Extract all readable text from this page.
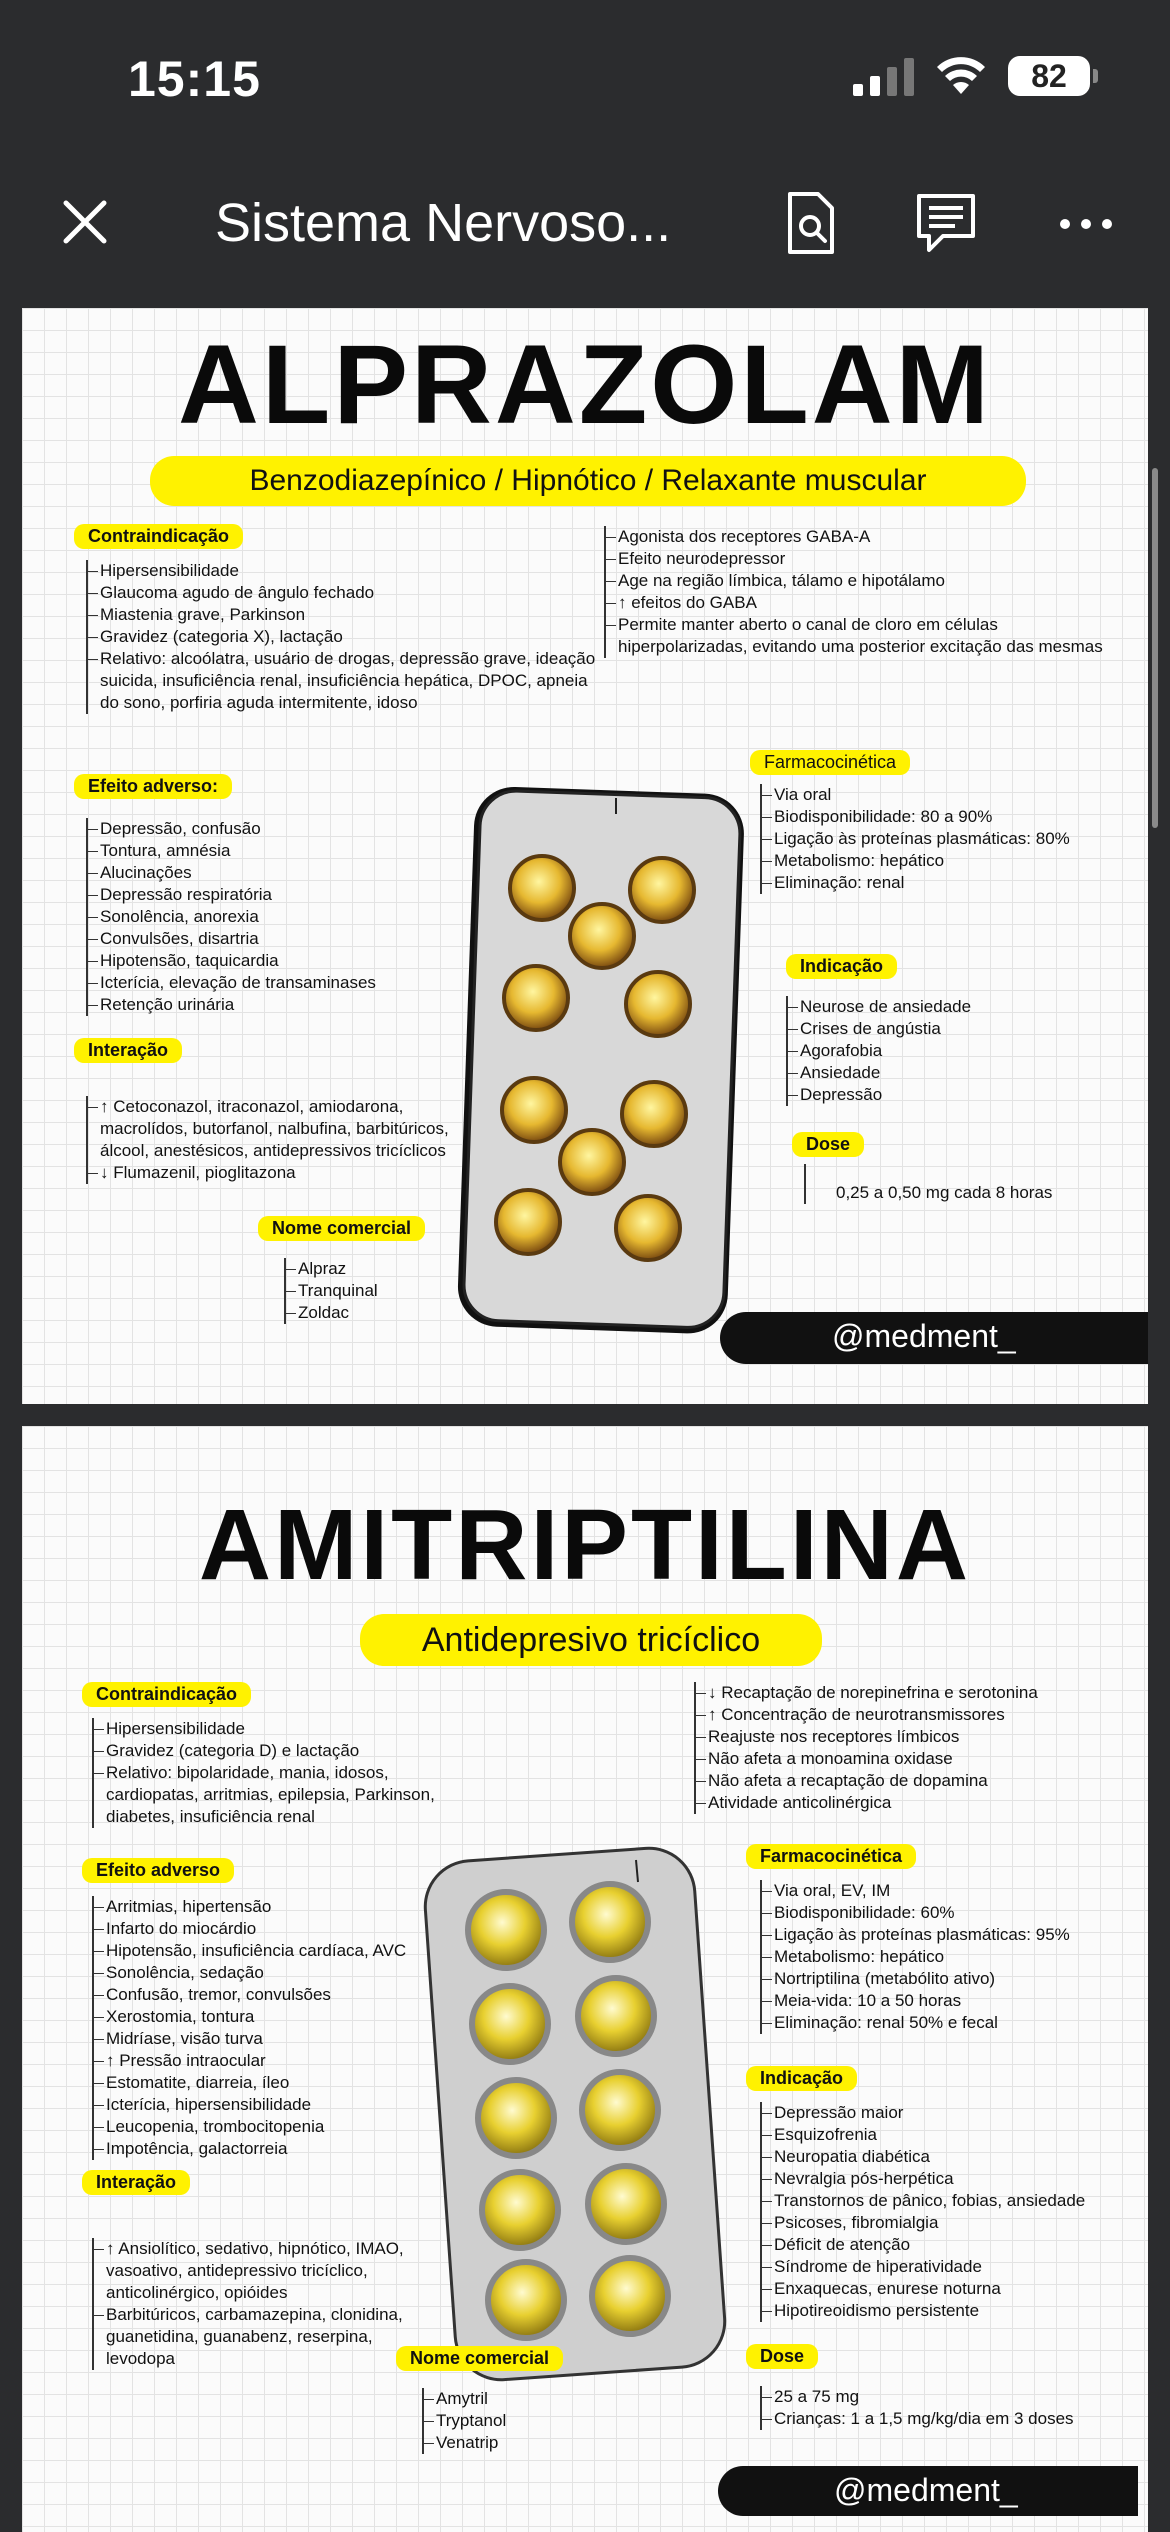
15:15	82
Sistema Nervoso...
ALPRAZOLAM
Benzodiazepínico / Hipnótico / Relaxante muscular
Contraindicação
Hipersensibilidade
Glaucoma agudo de ângulo fechado
Miastenia grave, Parkinson
Gravidez (categoria X), lactação
Relativo: alcoólatra, usuário de drogas, depressão grave, ideação suicida, insuficiência renal, insuficiência hepática, DPOC, apneia do sono, porfiria aguda intermitente, idoso
Agonista dos receptores GABA-A
Efeito neurodepressor
Age na região límbica, tálamo e hipotálamo
↑ efeitos do GABA
Permite manter aberto o canal de cloro em células hiperpolarizadas, evitando uma posterior excitação das mesmas
Efeito adverso:
Depressão, confusão
Tontura, amnésia
Alucinações
Depressão respiratória
Sonolência, anorexia
Convulsões, disartria
Hipotensão, taquicardia
Icterícia, elevação de transaminases
Retenção urinária
Farmacocinética
Via oral
Biodisponibilidade: 80 a 90%
Ligação às proteínas plasmáticas: 80%
Metabolismo: hepático
Eliminação: renal
Interação
↑ Cetoconazol, itraconazol, amiodarona, macrolídos, butorfanol, nalbufina, barbitúricos, álcool, anestésicos, antidepressivos tricíclicos
↓ Flumazenil, pioglitazona
Indicação
Neurose de ansiedade
Crises de angústia
Agorafobia
Ansiedade
Depressão
Dose
0,25 a 0,50 mg cada 8 horas
Nome comercial
Alpraz
Tranquinal
Zoldac
@medment_
AMITRIPTILINA
Antidepresivo tricíclico
Contraindicação
Hipersensibilidade
Gravidez (categoria D) e lactação
Relativo: bipolaridade, mania, idosos, cardiopatas, arritmias, epilepsia, Parkinson, diabetes, insuficiência renal
↓ Recaptação de norepinefrina e serotonina
↑ Concentração de neurotransmissores
Reajuste nos receptores límbicos
Não afeta a monoamina oxidase
Não afeta a recaptação de dopamina
Atividade anticolinérgica
Efeito adverso
Arritmias, hipertensão
Infarto do miocárdio
Hipotensão, insuficiência cardíaca, AVC
Sonolência, sedação
Confusão, tremor, convulsões
Xerostomia, tontura
Midríase, visão turva
↑ Pressão intraocular
Estomatite, diarreia, íleo
Icterícia, hipersensibilidade
Leucopenia, trombocitopenia
Impotência, galactorreia
Farmacocinética
Via oral, EV, IM
Biodisponibilidade: 60%
Ligação às proteínas plasmáticas: 95%
Metabolismo: hepático
Nortriptilina (metabólito ativo)
Meia-vida: 10 a 50 horas
Eliminação: renal 50% e fecal
Indicação
Depressão maior
Esquizofrenia
Neuropatia diabética
Nevralgia pós-herpética
Transtornos de pânico, fobias, ansiedade
Psicoses, fibromialgia
Déficit de atenção
Síndrome de hiperatividade
Enxaquecas, enurese noturna
Hipotireoidismo persistente
Dose
25 a 75 mg
Crianças: 1 a 1,5 mg/kg/dia em 3 doses
Interação
↑ Ansiolítico, sedativo, hipnótico, IMAO, vasoativo, antidepressivo tricíclico, anticolinérgico, opióides
Barbitúricos, carbamazepina, clonidina, guanetidina, guanabenz, reserpina, levodopa	Nome comercial
Amytril
Tryptanol
Venatrip
@medment_
